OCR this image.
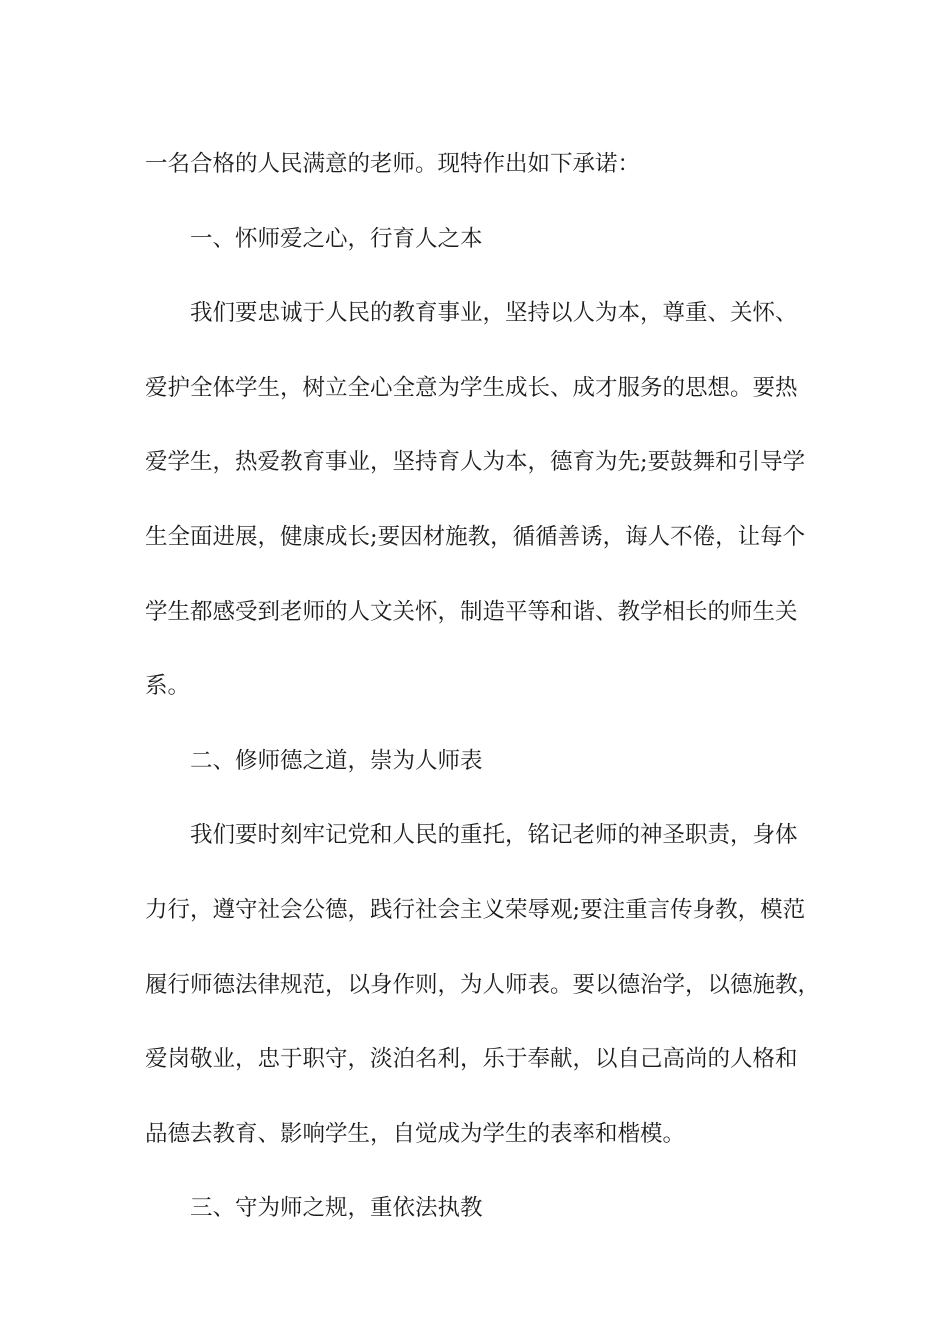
一名合格的人民满意的老师。现特作出如下承诺：
一、怀师爱之心，行育人之本
我们要忠诚于人民的教育事业，坚持以人为本，尊重、关怀、
爱护全体学生，树立全心全意为学生成长、成才服务的思想。要热
爱学生，热爱教育事业，坚持育人为本，德育为先;要鼓舞和引导学
生全面进展，健康成长;要因材施教，循循善诱，诲人不倦，让每个
学生都感受到老师的人文关怀，制造平等和谐、教学相长的师生关
系。
二、修师德之道，崇为人师表
我们要时刻牢记党和人民的重托，铭记老师的神圣职责，身体
力行，遵守社会公德，践行社会主义荣辱观;要注重言传身教，模范
履行师德法律规范，以身作则，为人师表。要以德治学，以德施教，
爱岗敬业，忠于职守，淡泊名利，乐于奉献，以自己高尚的人格和
品德去教育、影响学生，自觉成为学生的表率和楷模。
三、守为师之规，重依法执教
